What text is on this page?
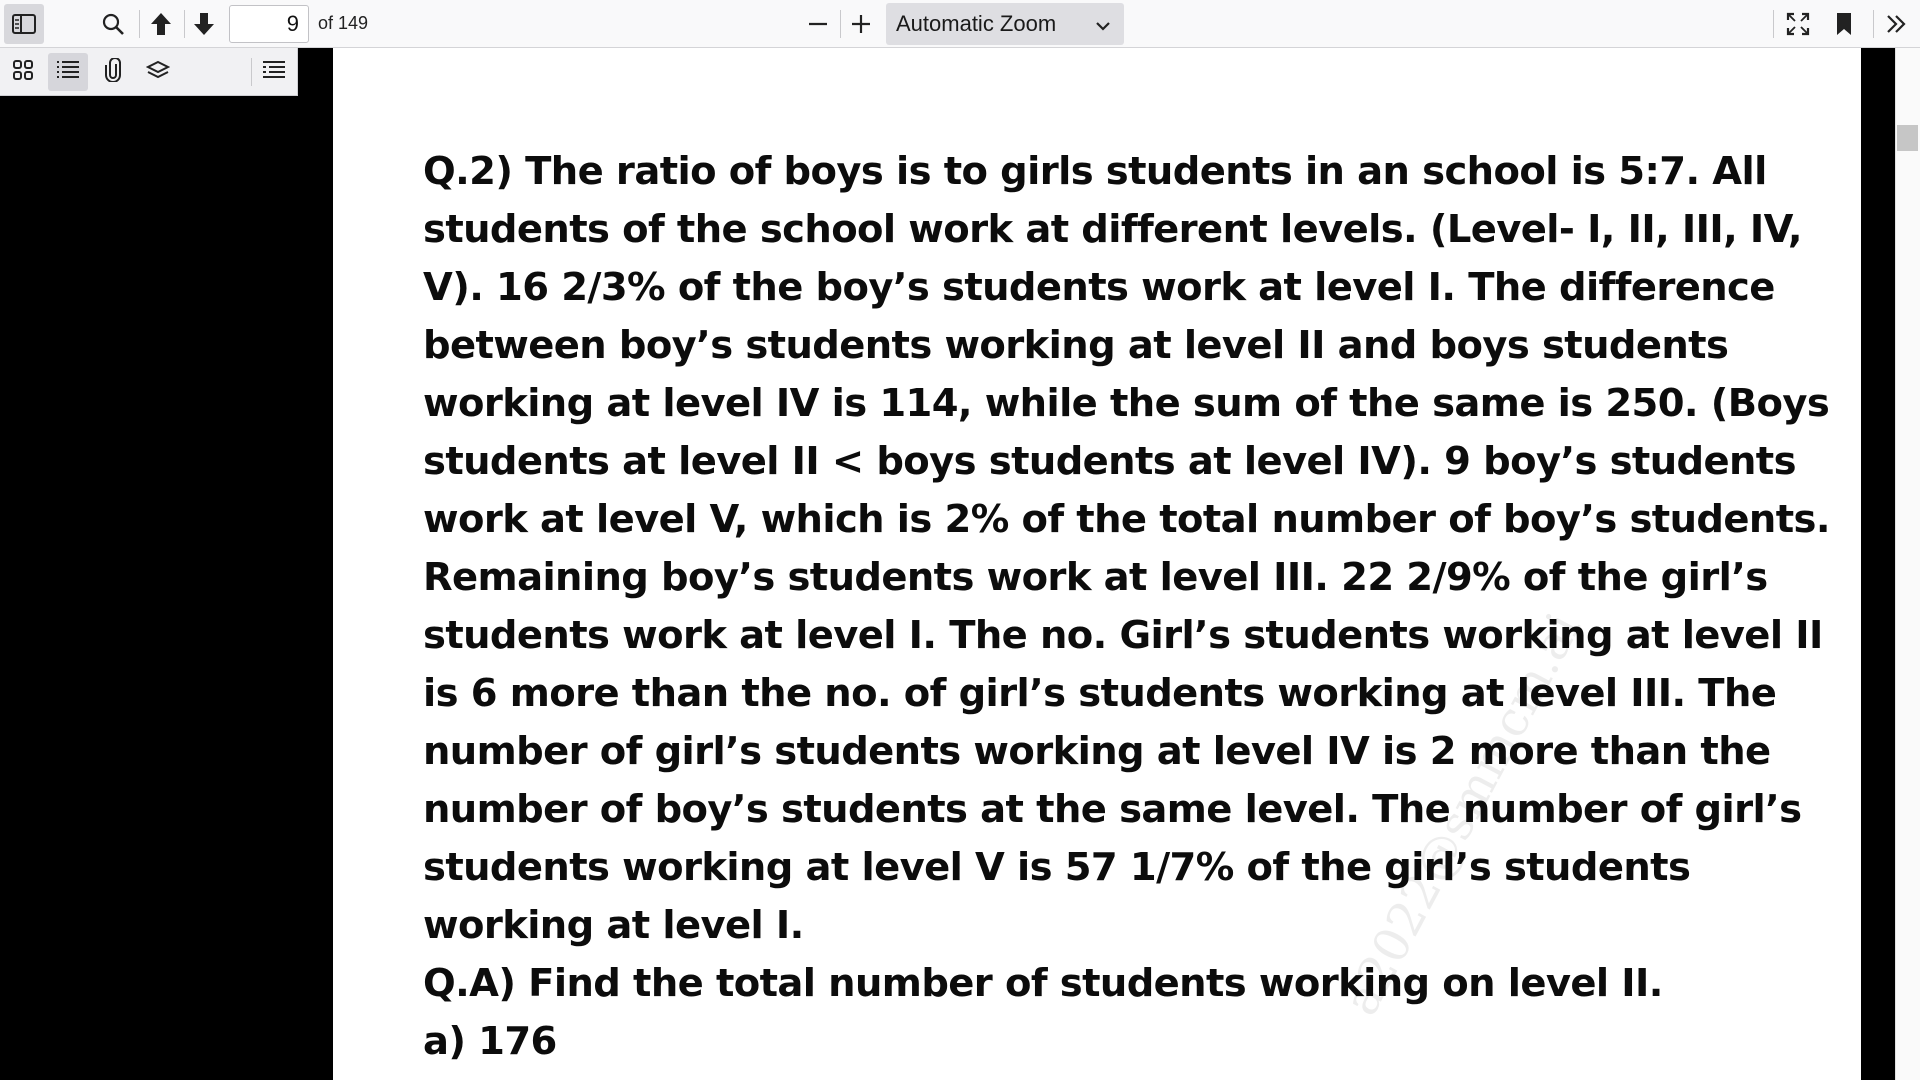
9
of 149	Automatic Zoom
a2022@smmcm.ai

Q.2) The ratio of boys is to girls students in an school is 5:7. All students of the school work at different levels. (Level- I, II, III, IV, V). 16 2/3% of the boy’s students work at level I. The difference between boy’s students working at level II and boys students working at level IV is 114, while the sum of the same is 250. (Boys students at level II < boys students at level IV). 9 boy’s students work at level V, which is 2% of the total number of boy’s students. Remaining boy’s students work at level III. 22 2/9% of the girl’s students work at level I. The no. Girl’s students working at level II is 6 more than the no. of girl’s students working at level III. The number of girl’s students working at level IV is 2 more than the number of boy’s students at the same level. The number of girl’s students working at level V is 57 1/7% of the girl’s students working at level I.

Q.A) Find the total number of students working on level II.

a) 176
